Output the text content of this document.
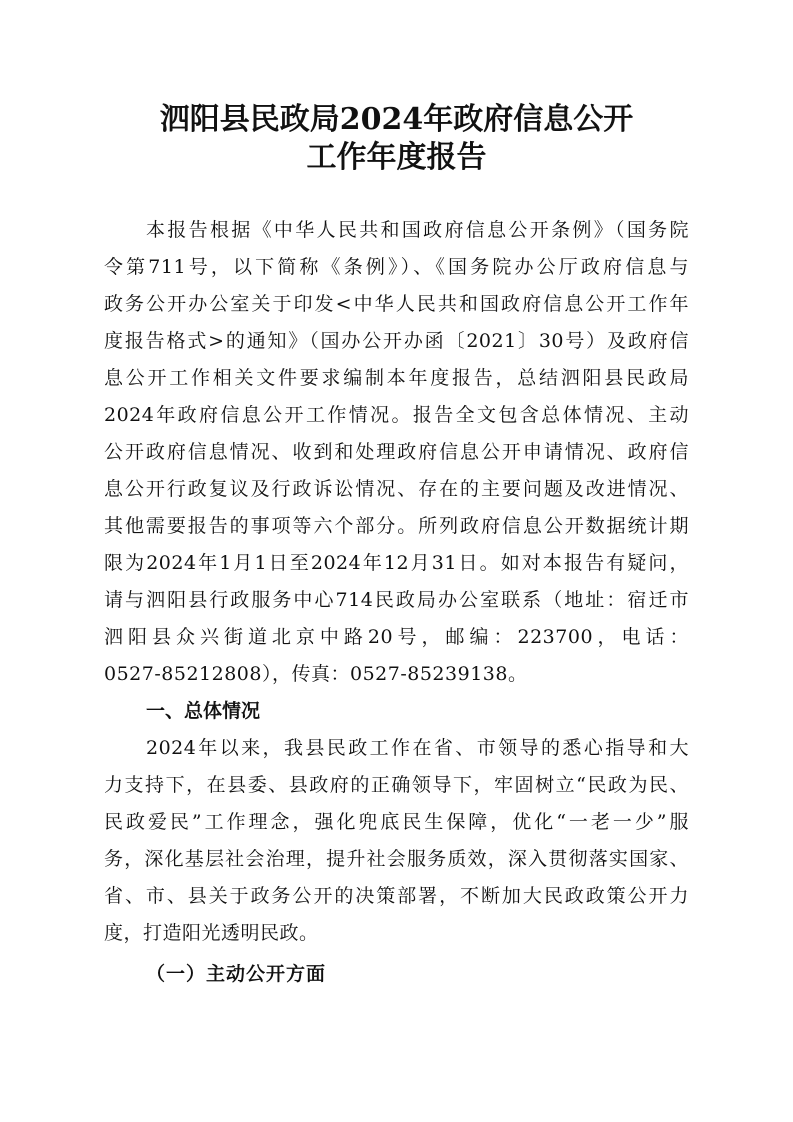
泗阳县民政局2024年政府信息公开
工作年度报告
本报告根据《中华人民共和国政府信息公开条例》（国务院
令第711号，以下简称《条例》）、《国务院办公厅政府信息与
政务公开办公室关于印发<中华人民共和国政府信息公开工作年
度报告格式>的通知》（国办公开办函〔2021〕30号）及政府信
息公开工作相关文件要求编制本年度报告，总结泗阳县民政局
2024年政府信息公开工作情况。报告全文包含总体情况、主动
公开政府信息情况、收到和处理政府信息公开申请情况、政府信
息公开行政复议及行政诉讼情况、存在的主要问题及改进情况、
其他需要报告的事项等六个部分。所列政府信息公开数据统计期
限为2024年1月1日至2024年12月31日。如对本报告有疑问，
请与泗阳县行政服务中心714民政局办公室联系（地址：宿迁市
泗阳县众兴街道北京中路20号，邮编：223700，电话：
0527-85212808），传真：0527-85239138。
一、总体情况
2024年以来，我县民政工作在省、市领导的悉心指导和大
力支持下，在县委、县政府的正确领导下，牢固树立“民政为民、
民政爱民”工作理念，强化兜底民生保障，优化“一老一少”服
务，深化基层社会治理，提升社会服务质效，深入贯彻落实国家、
省、市、县关于政务公开的决策部署，不断加大民政政策公开力
度，打造阳光透明民政。
（一）主动公开方面
